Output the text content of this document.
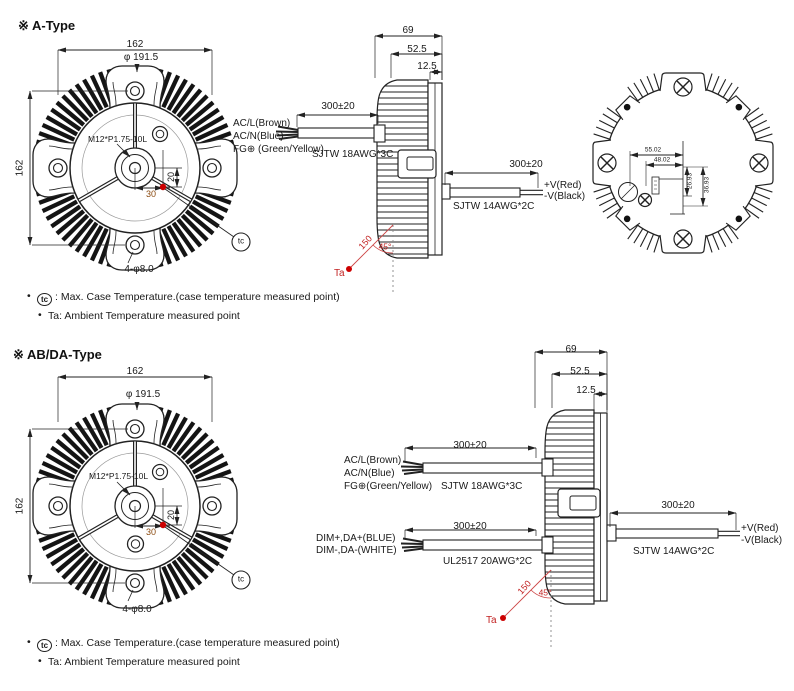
※ A-Type
162
φ 191.5
162
M12*P1.75-10L
20
30
tc
4-φ8.0
69
52.5
12.5
300±20
AC/L(Brown)
AC/N(Blue)
FG⊕ (Green/Yellow)
SJTW 18AWG*3C
300±20
+V(Red)
-V(Black)
SJTW 14AWG*2C
150 45°
Ta
55.02
48.02
26.93 36.93
•	tc : Max. Case Temperature.(case temperature measured point)
• Ta: Ambient Temperature measured point
※ AB/DA-Type
162
φ 191.5
162
M12*P1.75-10L
20
30
tc
4-φ8.0
69
52.5
12.5
300±20
AC/L(Brown)
AC/N(Blue)
FG⊕(Green/Yellow) SJTW 18AWG*3C
300±20
DIM+,DA+(BLUE)
DIM-,DA-(WHITE)
UL2517 20AWG*2C
300±20
+V(Red)
-V(Black)
SJTW 14AWG*2C
150 45°
Ta
•	tc : Max. Case Temperature.(case temperature measured point)
• Ta: Ambient Temperature measured point
